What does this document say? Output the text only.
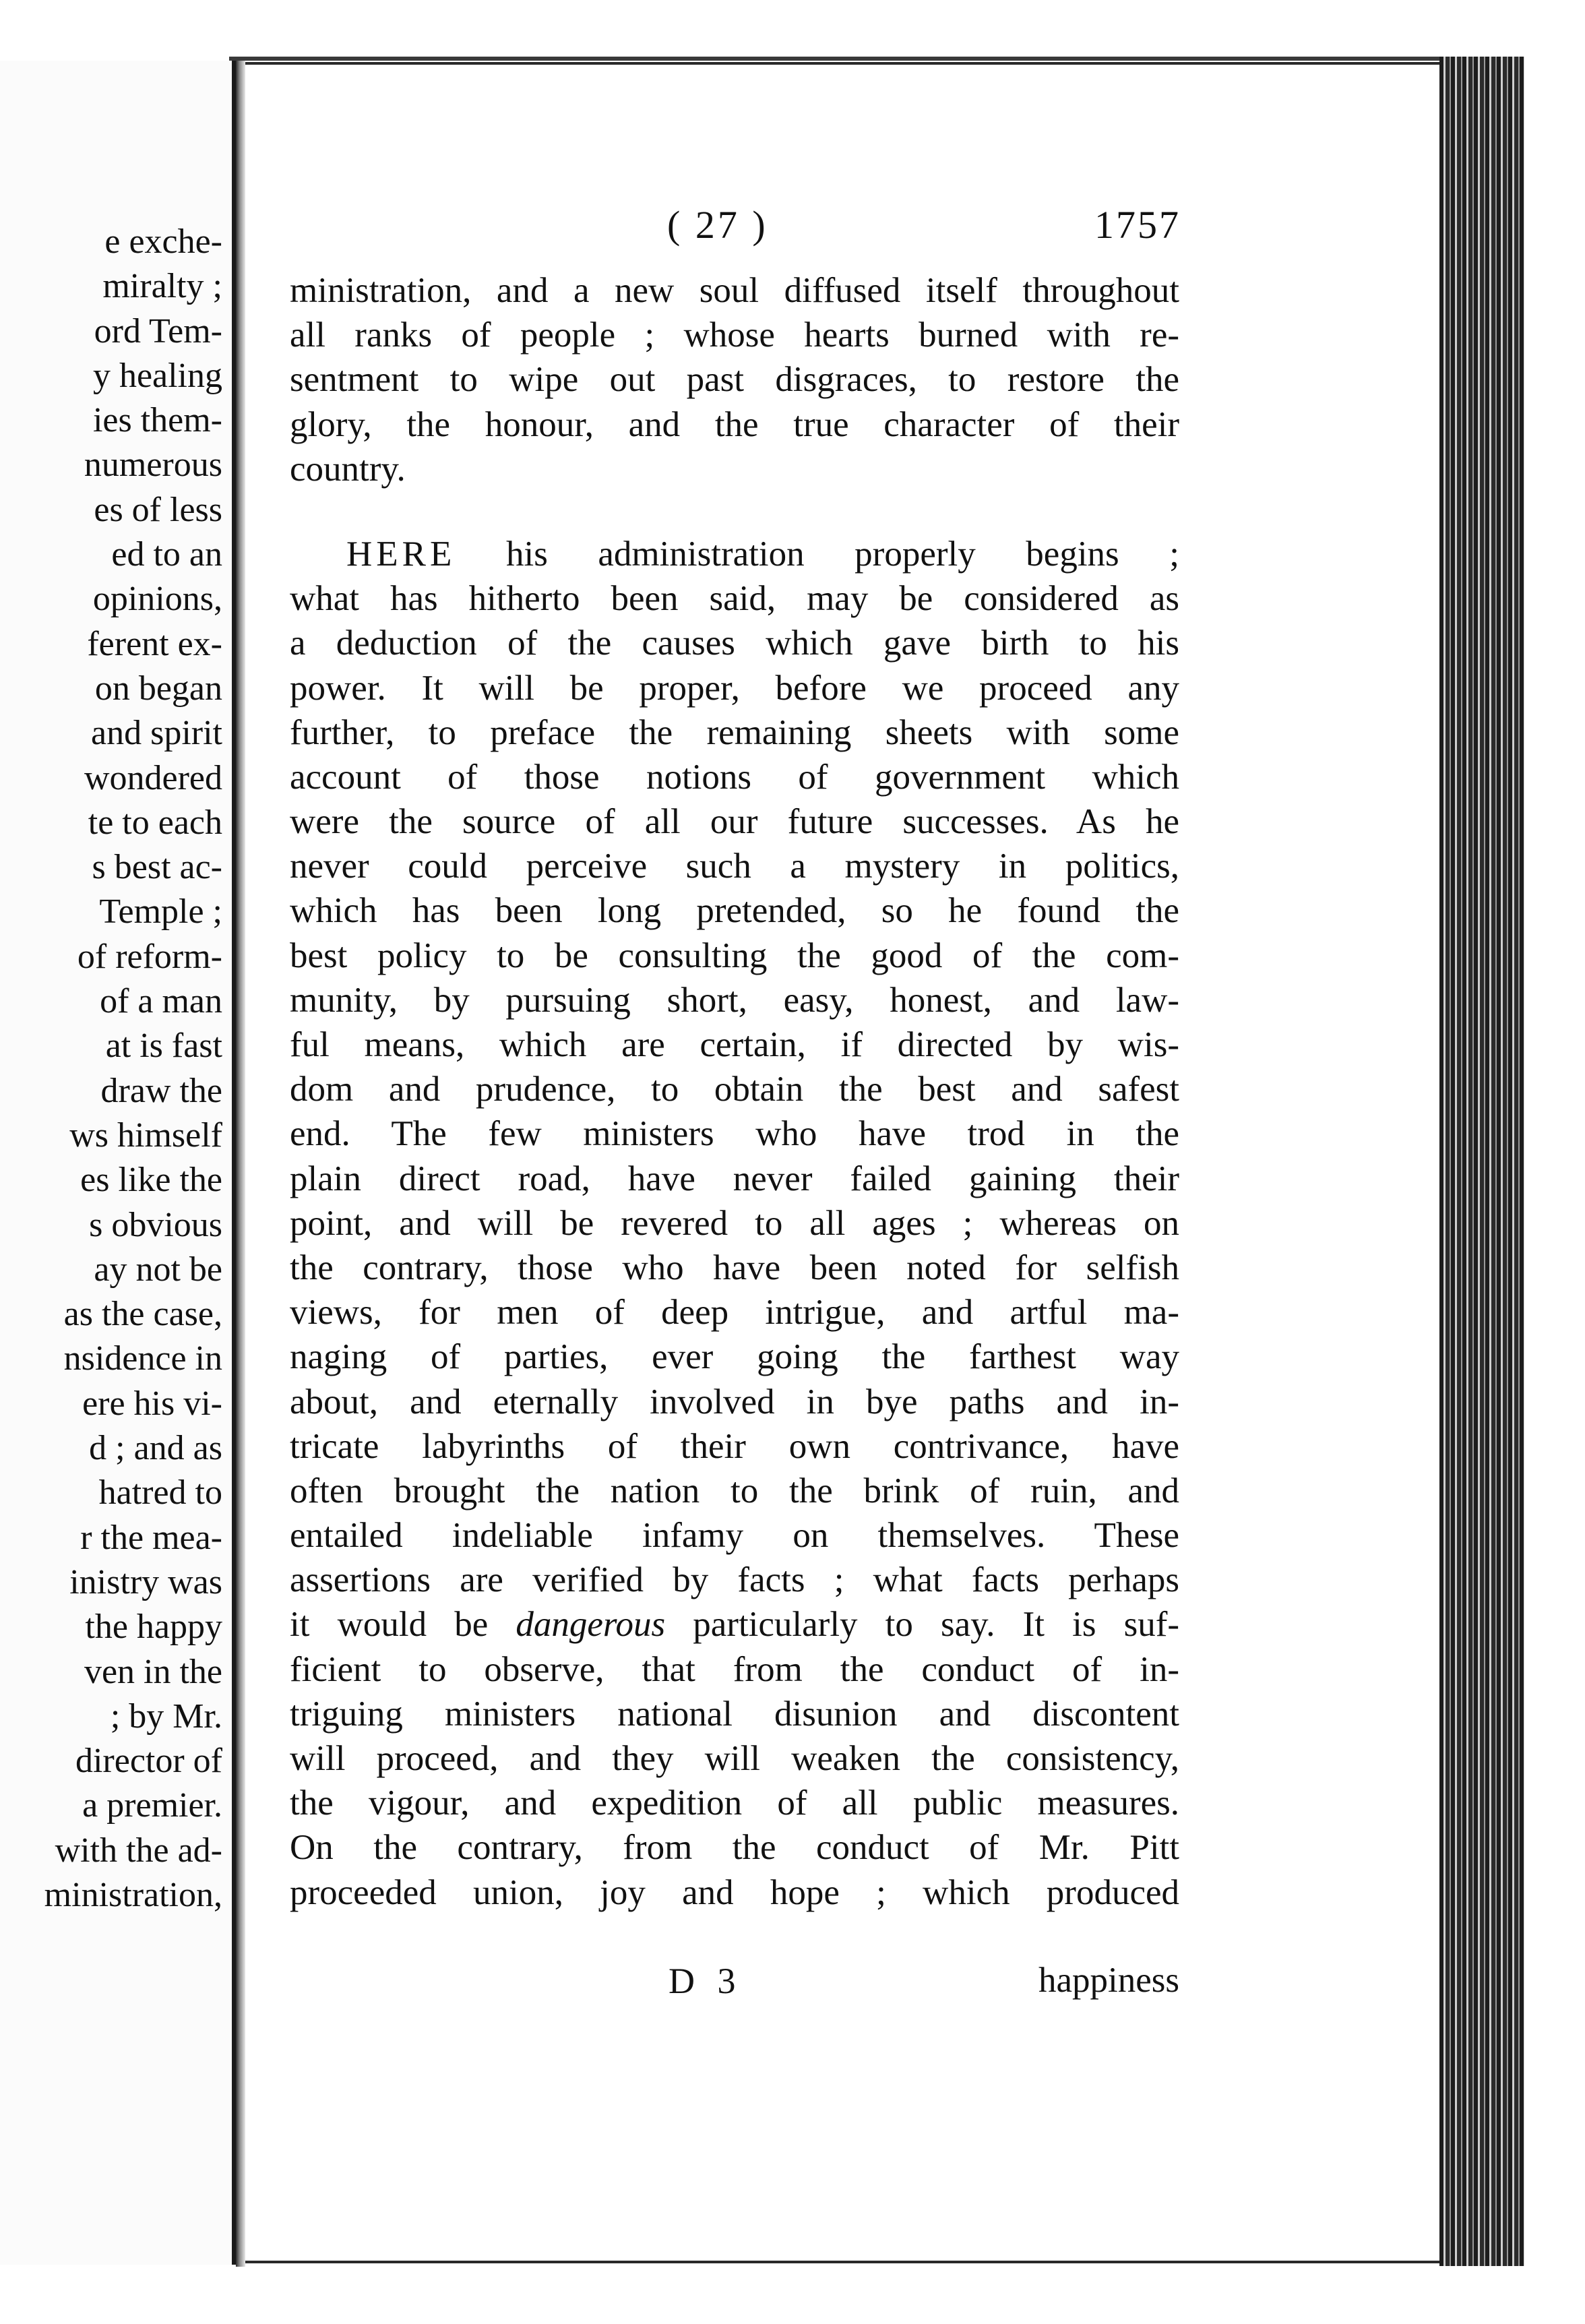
e exche-
miralty ;
ord Tem-
y healing
ies them-
numerous
es of less
ed to an
opinions,
ferent ex-
on began
and spirit
wondered
te to each
s best ac-
Temple ;
of reform-
of a man
at is fast
draw the
ws himself
es like the
s obvious
ay not be
as the case,
nsidence in
ere his vi-
d ; and as
hatred to
r the mea-
inistry was
the happy
ven in the
; by Mr.
director of
a premier.
with the ad-
ministration,
( 27 )	1757
ministration, and a new soul diffused itself throughout
all ranks of people ; whose hearts burned with re-
sentment to wipe out past disgraces, to restore the
glory, the honour, and the true character of their
country.
HERE his administration properly begins ;
what has hitherto been said, may be considered as
a deduction of the causes which gave birth to his
power. It will be proper, before we proceed any
further, to preface the remaining sheets with some
account of those notions of government which
were the source of all our future successes. As he
never could perceive such a mystery in politics,
which has been long pretended, so he found the
best policy to be consulting the good of the com-
munity, by pursuing short, easy, honest, and law-
ful means, which are certain, if directed by wis-
dom and prudence, to obtain the best and safest
end. The few ministers who have trod in the
plain direct road, have never failed gaining their
point, and will be revered to all ages ; whereas on
the contrary, those who have been noted for selfish
views, for men of deep intrigue, and artful ma-
naging of parties, ever going the farthest way
about, and eternally involved in bye paths and in-
tricate labyrinths of their own contrivance, have
often brought the nation to the brink of ruin, and
entailed indeliable infamy on themselves. These
assertions are verified by facts ; what facts perhaps
it would be dangerous particularly to say. It is suf-
ficient to observe, that from the conduct of in-
triguing ministers national disunion and discontent
will proceed, and they will weaken the consistency,
the vigour, and expedition of all public measures.
On the contrary, from the conduct of Mr. Pitt
proceeded union, joy and hope ; which produced
D 3	happiness
